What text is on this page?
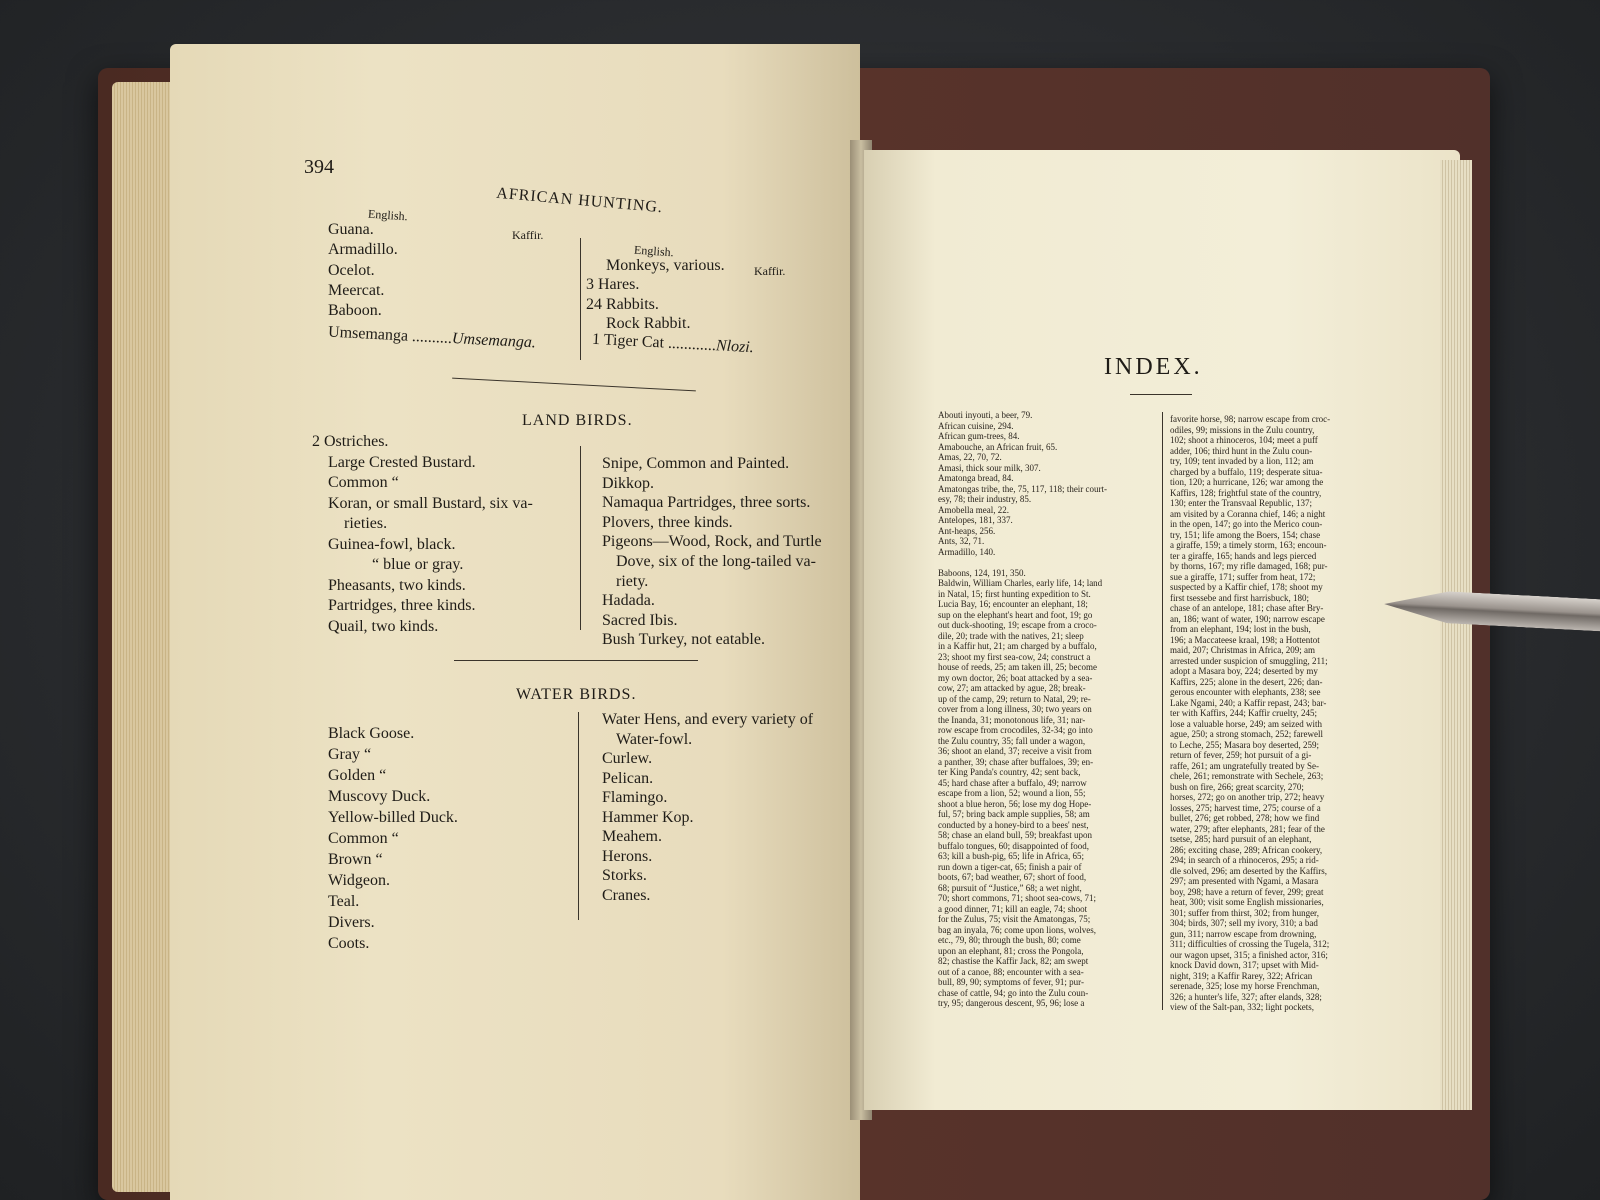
394
AFRICAN HUNTING.
English.
Kaffir.
English.
Kaffir.
Guana.
Armadillo.
Ocelot.
Meercat.
Baboon.
Monkeys, various.
3 Hares.
24 Rabbits.
Rock Rabbit.
Umsemanga ..........Umsemanga.	1 Tiger Cat ............Nlozi.
LAND BIRDS.
2 Ostriches.
Large Crested Bustard.
Common “
Koran, or small Bustard, six va-
rieties.
Guinea-fowl, black.
“ blue or gray.
Pheasants, two kinds.
Partridges, three kinds.
Quail, two kinds.
Snipe, Common and Painted.
Dikkop.
Namaqua Partridges, three sorts.
Plovers, three kinds.
Pigeons—Wood, Rock, and Turtle
Dove, six of the long-tailed va-
riety.
Hadada.
Sacred Ibis.
Bush Turkey, not eatable.
WATER BIRDS.
Black Goose.
Gray “
Golden “
Muscovy Duck.
Yellow-billed Duck.
Common “
Brown “
Widgeon.
Teal.
Divers.
Coots.
Water Hens, and every variety of
Water-fowl.
Curlew.
Pelican.
Flamingo.
Hammer Kop.
Meahem.
Herons.
Storks.
Cranes.
INDEX.
Abouti inyouti, a beer, 79.
African cuisine, 294.
African gum-trees, 84.
Amabouche, an African fruit, 65.
Amas, 22, 70, 72.
Amasi, thick sour milk, 307.
Amatonga bread, 84.
Amatongas tribe, the, 75, 117, 118; their court-
esy, 78; their industry, 85.
Amobella meal, 22.
Antelopes, 181, 337.
Ant-heaps, 256.
Ants, 32, 71.
Armadillo, 140.

Baboons, 124, 191, 350.
Baldwin, William Charles, early life, 14; land
in Natal, 15; first hunting expedition to St.
Lucia Bay, 16; encounter an elephant, 18;
sup on the elephant's heart and foot, 19; go
out duck-shooting, 19; escape from a croco-
dile, 20; trade with the natives, 21; sleep
in a Kaffir hut, 21; am charged by a buffalo,
23; shoot my first sea-cow, 24; construct a
house of reeds, 25; am taken ill, 25; become
my own doctor, 26; boat attacked by a sea-
cow, 27; am attacked by ague, 28; break-
up of the camp, 29; return to Natal, 29; re-
cover from a long illness, 30; two years on
the Inanda, 31; monotonous life, 31; nar-
row escape from crocodiles, 32-34; go into
the Zulu country, 35; fall under a wagon,
36; shoot an eland, 37; receive a visit from
a panther, 39; chase after buffaloes, 39; en-
ter King Panda's country, 42; sent back,
45; hard chase after a buffalo, 49; narrow
escape from a lion, 52; wound a lion, 55;
shoot a blue heron, 56; lose my dog Hope-
ful, 57; bring back ample supplies, 58; am
conducted by a honey-bird to a bees' nest,
58; chase an eland bull, 59; breakfast upon
buffalo tongues, 60; disappointed of food,
63; kill a bush-pig, 65; life in Africa, 65;
run down a tiger-cat, 65; finish a pair of
boots, 67; bad weather, 67; short of food,
68; pursuit of “Justice,” 68; a wet night,
70; short commons, 71; shoot sea-cows, 71;
a good dinner, 71; kill an eagle, 74; shoot
for the Zulus, 75; visit the Amatongas, 75;
bag an inyala, 76; come upon lions, wolves,
etc., 79, 80; through the bush, 80; come
upon an elephant, 81; cross the Pongola,
82; chastise the Kaffir Jack, 82; am swept
out of a canoe, 88; encounter with a sea-
bull, 89, 90; symptoms of fever, 91; pur-
chase of cattle, 94; go into the Zulu coun-
try, 95; dangerous descent, 95, 96; lose a
favorite horse, 98; narrow escape from croc-
odiles, 99; missions in the Zulu country,
102; shoot a rhinoceros, 104; meet a puff
adder, 106; third hunt in the Zulu coun-
try, 109; tent invaded by a lion, 112; am
charged by a buffalo, 119; desperate situa-
tion, 120; a hurricane, 126; war among the
Kaffirs, 128; frightful state of the country,
130; enter the Transvaal Republic, 137;
am visited by a Coranna chief, 146; a night
in the open, 147; go into the Merico coun-
try, 151; life among the Boers, 154; chase
a giraffe, 159; a timely storm, 163; encoun-
ter a giraffe, 165; hands and legs pierced
by thorns, 167; my rifle damaged, 168; pur-
sue a giraffe, 171; suffer from heat, 172;
suspected by a Kaffir chief, 178; shoot my
first tsessebe and first harrisbuck, 180;
chase of an antelope, 181; chase after Bry-
an, 186; want of water, 190; narrow escape
from an elephant, 194; lost in the bush,
196; a Maccateese kraal, 198; a Hottentot
maid, 207; Christmas in Africa, 209; am
arrested under suspicion of smuggling, 211;
adopt a Masara boy, 224; deserted by my
Kaffirs, 225; alone in the desert, 226; dan-
gerous encounter with elephants, 238; see
Lake Ngami, 240; a Kaffir repast, 243; bar-
ter with Kaffirs, 244; Kaffir cruelty, 245;
lose a valuable horse, 249; am seized with
ague, 250; a strong stomach, 252; farewell
to Leche, 255; Masara boy deserted, 259;
return of fever, 259; hot pursuit of a gi-
raffe, 261; am ungratefully treated by Se-
chele, 261; remonstrate with Sechele, 263;
bush on fire, 266; great scarcity, 270;
horses, 272; go on another trip, 272; heavy
losses, 275; harvest time, 275; course of a
bullet, 276; get robbed, 278; how we find
water, 279; after elephants, 281; fear of the
tsetse, 285; hard pursuit of an elephant,
286; exciting chase, 289; African cookery,
294; in search of a rhinoceros, 295; a rid-
dle solved, 296; am deserted by the Kaffirs,
297; am presented with Ngami, a Masara
boy, 298; have a return of fever, 299; great
heat, 300; visit some English missionaries,
301; suffer from thirst, 302; from hunger,
304; birds, 307; sell my ivory, 310; a bad
gun, 311; narrow escape from drowning,
311; difficulties of crossing the Tugela, 312;
our wagon upset, 315; a finished actor, 316;
knock David down, 317; upset with Mid-
night, 319; a Kaffir Rarey, 322; African
serenade, 325; lose my horse Frenchman,
326; a hunter's life, 327; after elands, 328;
view of the Salt-pan, 332; light pockets,
